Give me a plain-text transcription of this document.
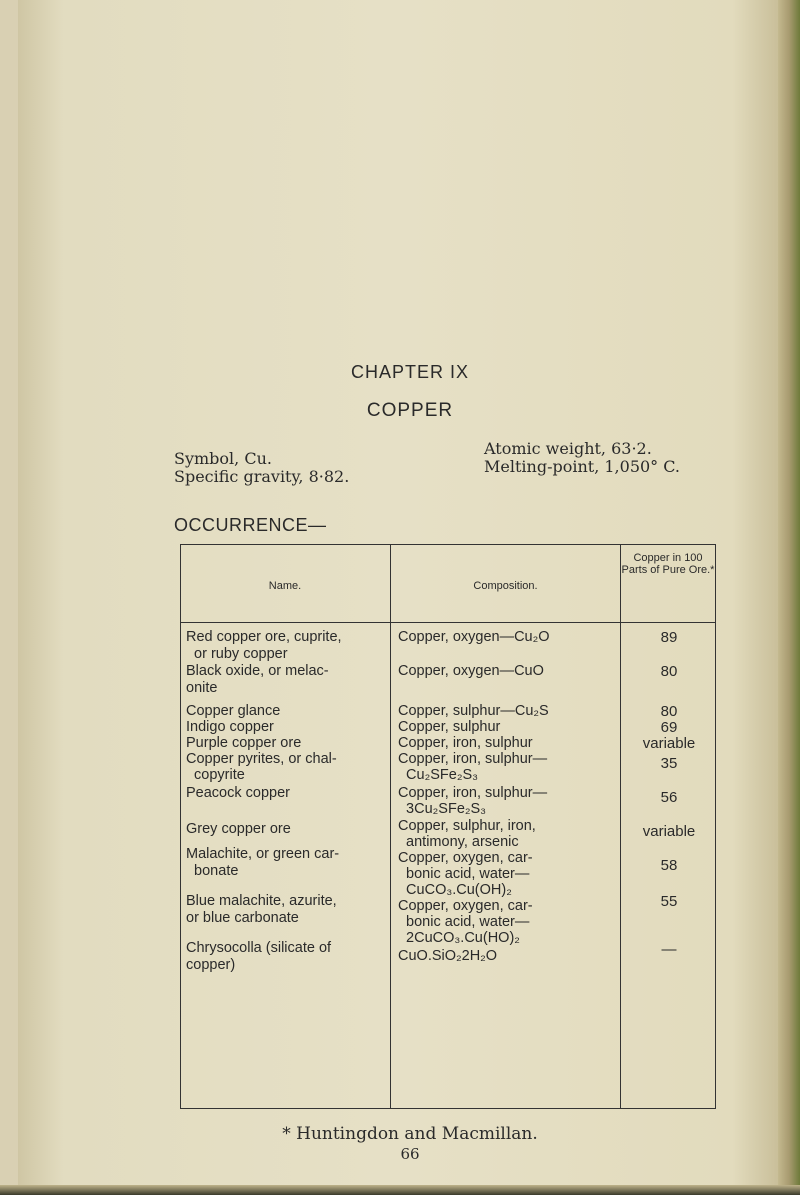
CHAPTER IX
COPPER
Symbol, Cu.
Specific gravity, 8·82.
Atomic weight, 63·2.
Melting-point, 1,050° C.
OCCURRENCE—
Name.	Composition.
Copper in 100 Parts of Pure Ore.*
Red copper ore, cuprite,
or ruby copper
Black oxide, or melac-
onite
Copper glance
Indigo copper
Purple copper ore
Copper pyrites, or chal-
copyrite
Peacock copper
Grey copper ore
Malachite, or green car-
bonate
Blue malachite, azurite,
or blue carbonate
Chrysocolla (silicate of
copper)
Copper, oxygen—Cu₂O
Copper, oxygen—CuO
Copper, sulphur—Cu₂S
Copper, sulphur
Copper, iron, sulphur
Copper, iron, sulphur—
Cu₂SFe₂S₃
Copper, iron, sulphur—
3Cu₂SFe₂S₃
Copper, sulphur, iron,
antimony, arsenic
Copper, oxygen, car-
bonic acid, water—
CuCO₃.Cu(OH)₂
Copper, oxygen, car-
bonic acid, water—
2CuCO₃.Cu(HO)₂
CuO.SiO₂2H₂O
89
80
80
69
variable
35
56
variable
58
55
—
* Huntingdon and Macmillan.
66
